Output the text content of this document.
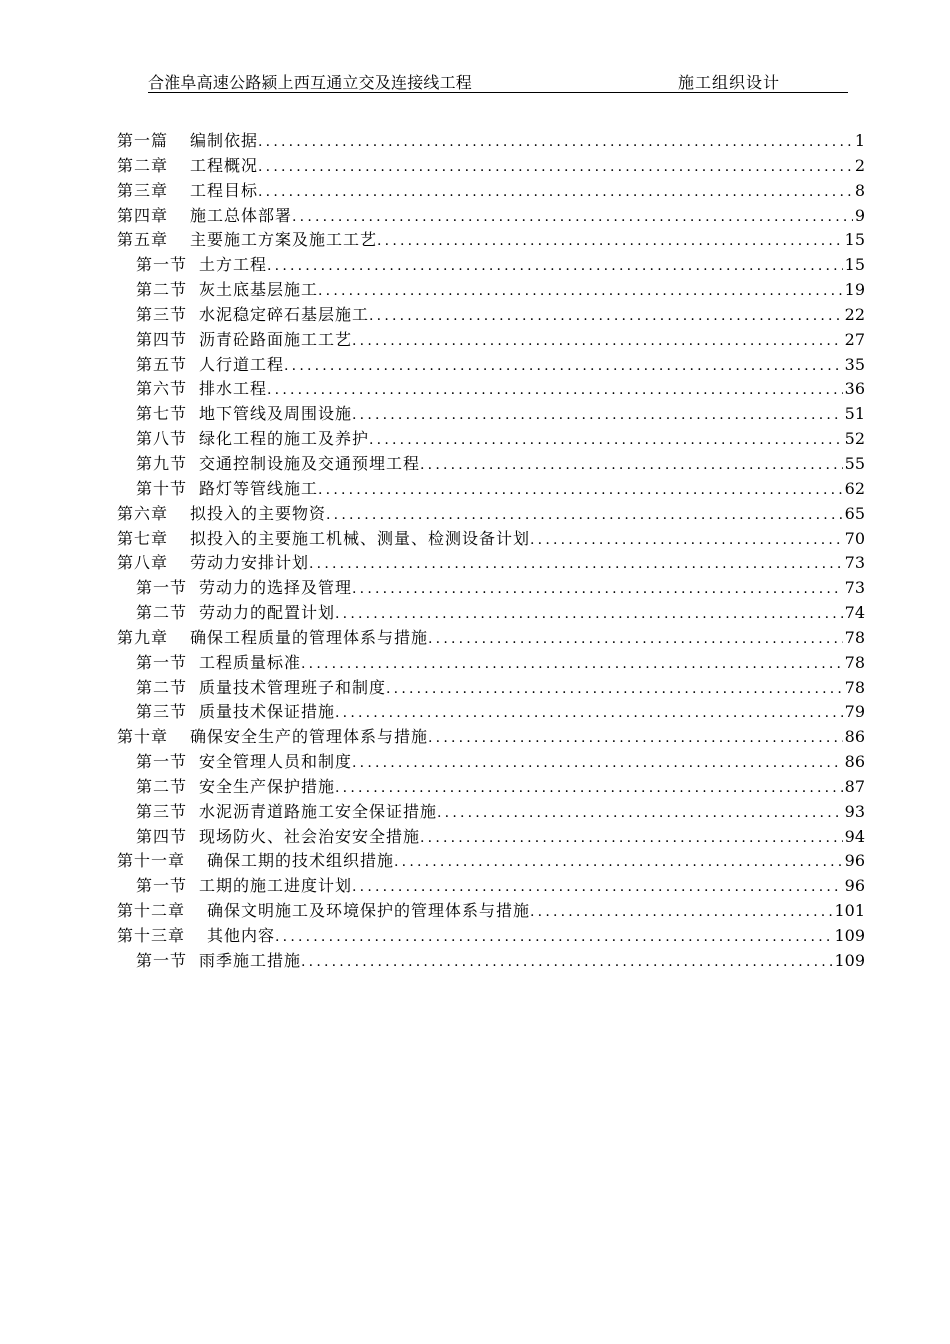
合淮阜高速公路颍上西互通立交及连接线工程	施工组织设计
第一篇 编制依据 .....	1
第二章 工程概况 .....	2
第三章 工程目标 .....	8
第四章 施工总体部署 .....	9
第五章 主要施工方案及施工工艺 .....	15
第一节 土方工程 .....	15
第二节 灰土底基层施工 .....	19
第三节 水泥稳定碎石基层施工 .....	22
第四节 沥青砼路面施工工艺 .....	27
第五节 人行道工程 .....	35
第六节 排水工程 .....	36
第七节 地下管线及周围设施 .....	51
第八节 绿化工程的施工及养护 .....	52
第九节 交通控制设施及交通预埋工程 .....	55
第十节 路灯等管线施工 .....	62
第六章 拟投入的主要物资 .....	65
第七章 拟投入的主要施工机械、测量、检测设备计划 .....	70
第八章 劳动力安排计划 .....	73
第一节 劳动力的选择及管理 .....	73
第二节 劳动力的配置计划 .....	74
第九章 确保工程质量的管理体系与措施 .....	78
第一节 工程质量标准 .....	78
第二节 质量技术管理班子和制度 .....	78
第三节 质量技术保证措施 .....	79
第十章 确保安全生产的管理体系与措施 .....	86
第一节 安全管理人员和制度 .....	86
第二节 安全生产保护措施 .....	87
第三节 水泥沥青道路施工安全保证措施 .....	93
第四节 现场防火、社会治安安全措施 .....	94
第十一章 确保工期的技术组织措施 .....	96
第一节 工期的施工进度计划 .....	96
第十二章 确保文明施工及环境保护的管理体系与措施 .....	101
第十三章 其他内容 .....	109
第一节 雨季施工措施 .....	109
